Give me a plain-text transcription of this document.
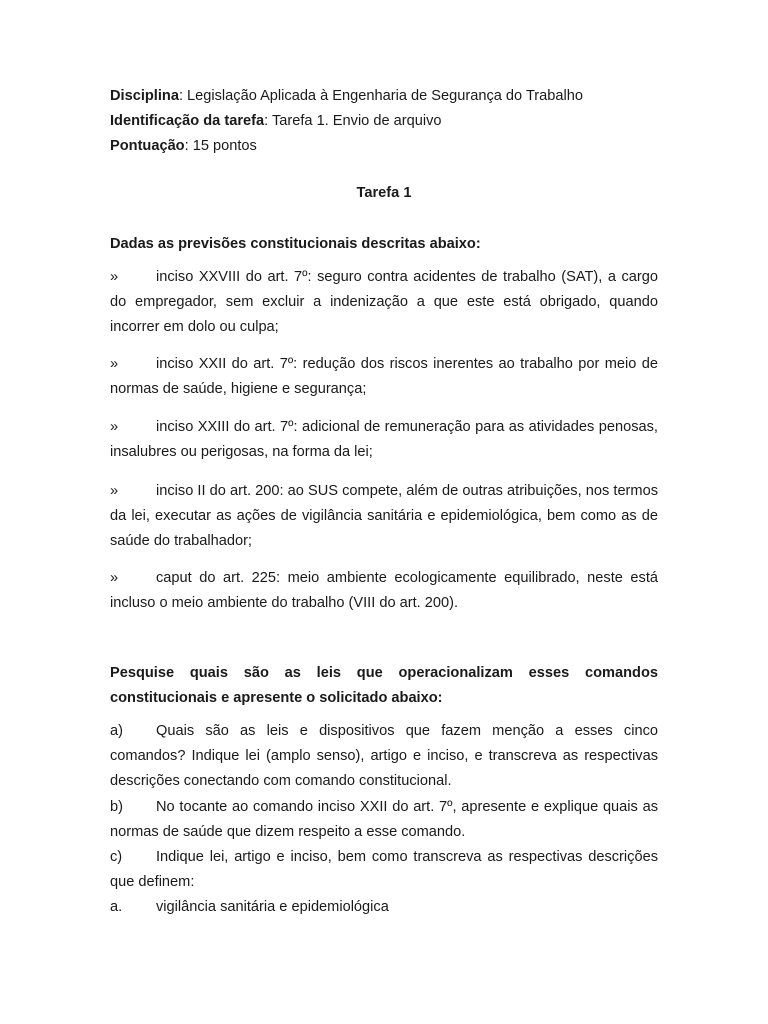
Disciplina: Legislação Aplicada à Engenharia de Segurança do Trabalho
Identificação da tarefa: Tarefa 1. Envio de arquivo
Pontuação: 15 pontos
Tarefa 1
Dadas as previsões constitucionais descritas abaixo:
»	inciso XXVIII do art. 7º: seguro contra acidentes de trabalho (SAT), a cargo do empregador, sem excluir a indenização a que este está obrigado, quando incorrer em dolo ou culpa;
»	inciso XXII do art. 7º: redução dos riscos inerentes ao trabalho por meio de normas de saúde, higiene e segurança;
»	inciso XXIII do art. 7º: adicional de remuneração para as atividades penosas, insalubres ou perigosas, na forma da lei;
»	inciso II do art. 200: ao SUS compete, além de outras atribuições, nos termos da lei, executar as ações de vigilância sanitária e epidemiológica, bem como as de saúde do trabalhador;
»	caput do art. 225: meio ambiente ecologicamente equilibrado, neste está incluso o meio ambiente do trabalho (VIII do art. 200).
Pesquise quais são as leis que operacionalizam esses comandos constitucionais e apresente o solicitado abaixo:
a) Quais são as leis e dispositivos que fazem menção a esses cinco comandos? Indique lei (amplo senso), artigo e inciso, e transcreva as respectivas descrições conectando com comando constitucional.
b) No tocante ao comando inciso XXII do art. 7º, apresente e explique quais as normas de saúde que dizem respeito a esse comando.
c) Indique lei, artigo e inciso, bem como transcreva as respectivas descrições que definem:
a. vigilância sanitária e epidemiológica
